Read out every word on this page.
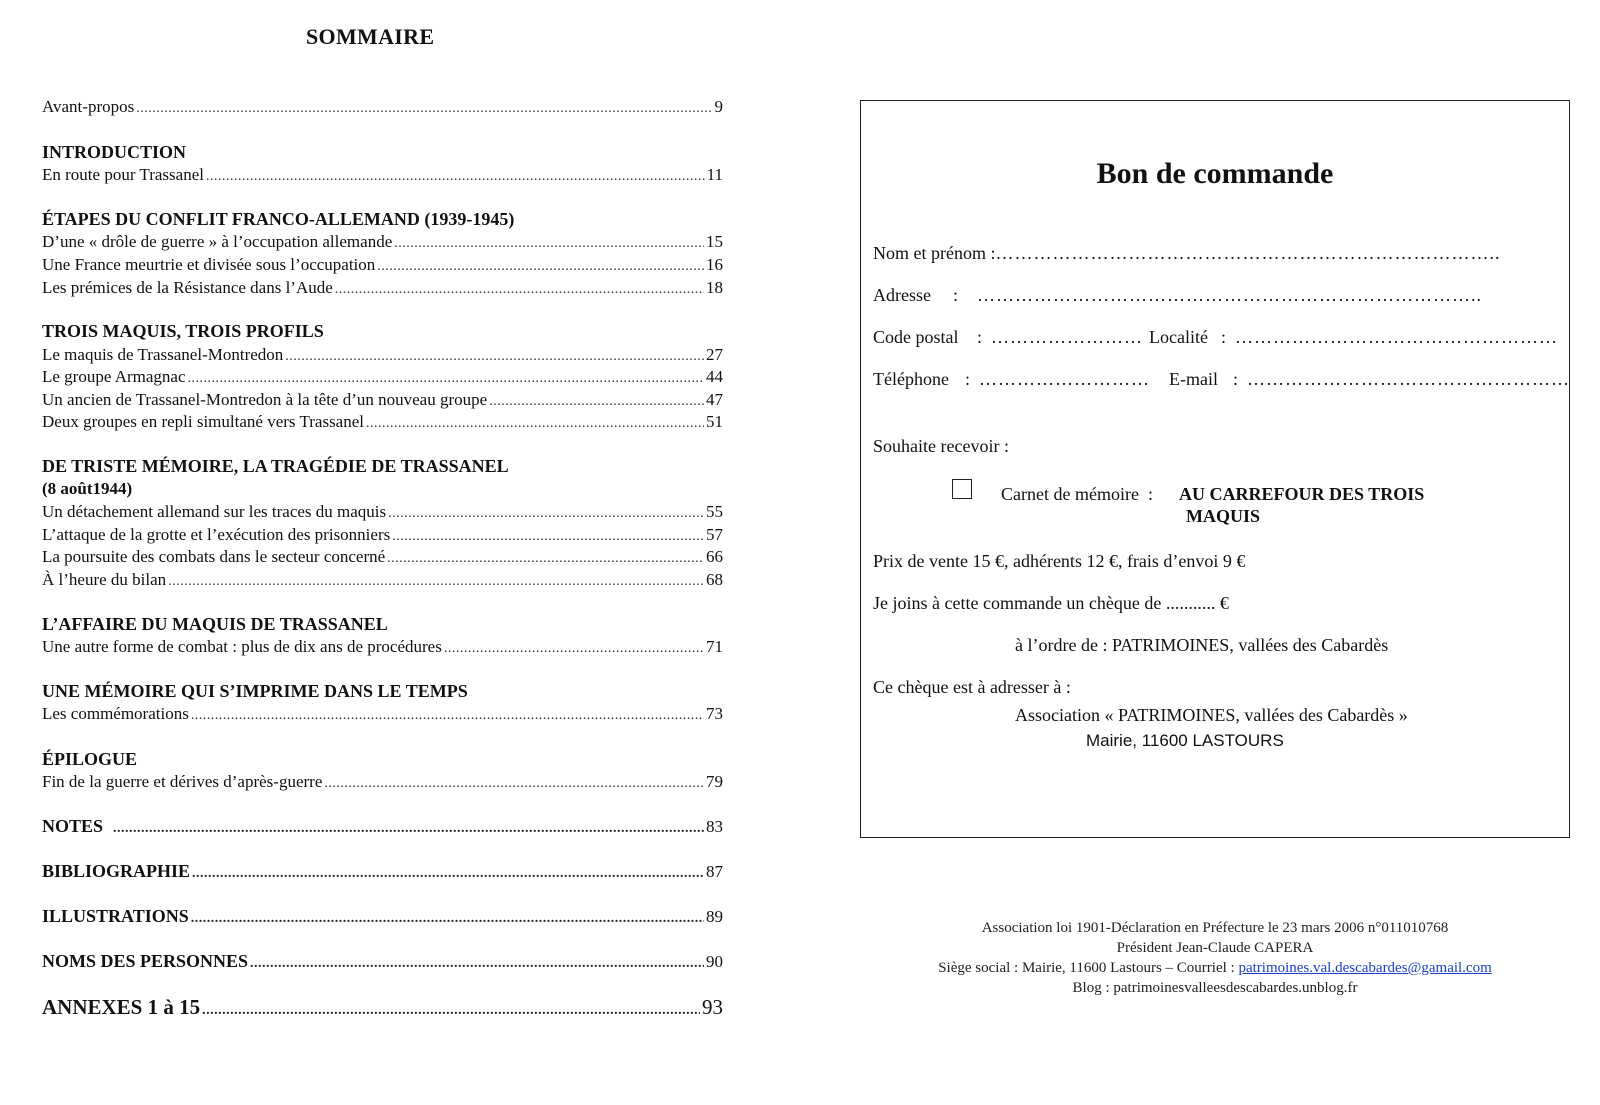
SOMMAIRE
Avant-propos .....	9
INTRODUCTION
En route pour Trassanel .....	11
ÉTAPES DU CONFLIT FRANCO-ALLEMAND (1939-1945)
D’une « drôle de guerre » à l’occupation allemande .....	15
Une France meurtrie et divisée sous l’occupation .....	16
Les prémices de la Résistance dans l’Aude .....	18
TROIS MAQUIS, TROIS PROFILS
Le maquis de Trassanel-Montredon .....	27
Le groupe Armagnac .....	44
Un ancien de Trassanel-Montredon à la tête d’un nouveau groupe .....	47
Deux groupes en repli simultané vers Trassanel .....	51
DE TRISTE MÉMOIRE, LA TRAGÉDIE DE TRASSANEL
(8 août1944)
Un détachement allemand sur les traces du maquis .....	55
L’attaque de la grotte et l’exécution des prisonniers .....	57
La poursuite des combats dans le secteur concerné .....	66
À l’heure du bilan .....	68
L’AFFAIRE DU MAQUIS DE TRASSANEL
Une autre forme de combat : plus de dix ans de procédures .....	71
UNE MÉMOIRE QUI S’IMPRIME DANS LE TEMPS
Les commémorations .....	73
ÉPILOGUE
Fin de la guerre et dérives d’après-guerre .....	79
NOTES .....	83
BIBLIOGRAPHIE .....	87
ILLUSTRATIONS .....	89
NOMS DES PERSONNES .....	90
ANNEXES 1 à 15 .....	93
Bon de commande
Nom et prénom :……………………………………………………………………..
Adresse : ……………………………………………………………………..
Code postal : …………………… Localité : ……………………………………………
Téléphone : ……………………… E-mail : ……………………………………………
Souhaite recevoir :
Carnet de mémoire : AU CARREFOUR DES TROIS
MAQUIS
Prix de vente 15 €, adhérents 12 €, frais d’envoi 9 €
Je joins à cette commande un chèque de ........... €
à l’ordre de : PATRIMOINES, vallées des Cabardès
Ce chèque est à adresser à :
Association « PATRIMOINES, vallées des Cabardès »
Mairie, 11600 LASTOURS
Association loi 1901-Déclaration en Préfecture le 23 mars 2006 n°011010768
Président Jean-Claude CAPERA
Siège social : Mairie, 11600 Lastours – Courriel : patrimoines.val.descabardes@gamail.com
Blog : patrimoinesvalleesdescabardes.unblog.fr
